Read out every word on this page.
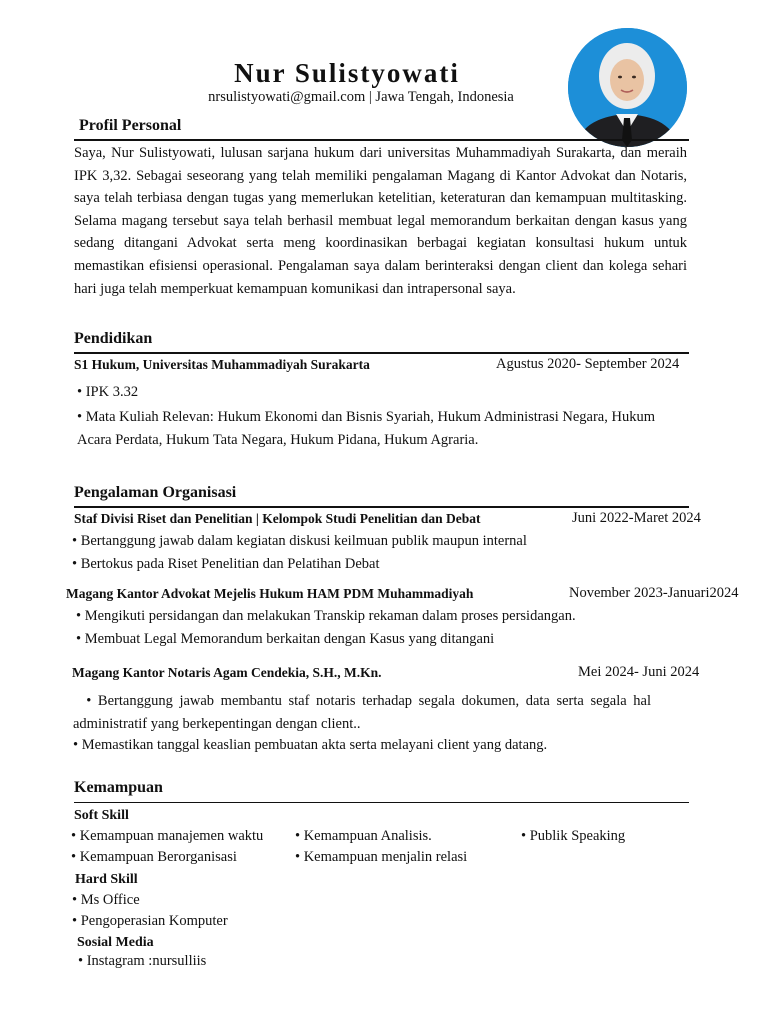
Nur Sulistyowati
nrsulistyowati@gmail.com | Jawa Tengah, Indonesia
Profil Personal
Saya, Nur Sulistyowati, lulusan sarjana hukum dari universitas Muhammadiyah Surakarta, dan meraih IPK 3,32. Sebagai seseorang yang telah memiliki pengalaman Magang di Kantor Advokat dan Notaris, saya telah terbiasa dengan tugas yang memerlukan ketelitian, keteraturan dan kemampuan multitasking. Selama magang tersebut saya telah berhasil membuat legal memorandum berkaitan dengan kasus yang sedang ditangani Advokat serta meng koordinasikan berbagai kegiatan konsultasi hukum untuk memastikan efisiensi operasional. Pengalaman saya dalam berinteraksi dengan client dan kolega sehari hari juga telah memperkuat kemampuan komunikasi dan intrapersonal saya.
Pendidikan
S1 Hukum, Universitas Muhammadiyah Surakarta	Agustus 2020- September 2024
• IPK 3.32
• Mata Kuliah Relevan: Hukum Ekonomi dan Bisnis Syariah, Hukum Administrasi Negara, Hukum Acara Perdata, Hukum Tata Negara, Hukum Pidana, Hukum Agraria.
Pengalaman Organisasi
Staf Divisi Riset dan Penelitian | Kelompok Studi Penelitian dan Debat	Juni 2022-Maret 2024
• Bertanggung jawab dalam kegiatan diskusi keilmuan publik maupun internal
• Bertokus pada Riset Penelitian dan Pelatihan Debat
Magang Kantor Advokat Mejelis Hukum HAM PDM Muhammadiyah	November 2023-Januari2024
• Mengikuti persidangan dan melakukan Transkip rekaman dalam proses persidangan.
• Membuat Legal Memorandum berkaitan dengan Kasus yang ditangani
Magang Kantor Notaris Agam Cendekia, S.H., M.Kn.	Mei 2024- Juni 2024
• Bertanggung jawab membantu staf notaris terhadap segala dokumen, data serta segala hal administratif yang berkepentingan dengan client..
• Memastikan tanggal keaslian pembuatan akta serta melayani client yang datang.
Kemampuan
Soft Skill
• Kemampuan manajemen waktu • Kemampuan Analisis.	• Publik Speaking
• Kemampuan Berorganisasi	• Kemampuan menjalin relasi
Hard Skill
• Ms Office
• Pengoperasian Komputer
Sosial Media
• Instagram :nursulliis
